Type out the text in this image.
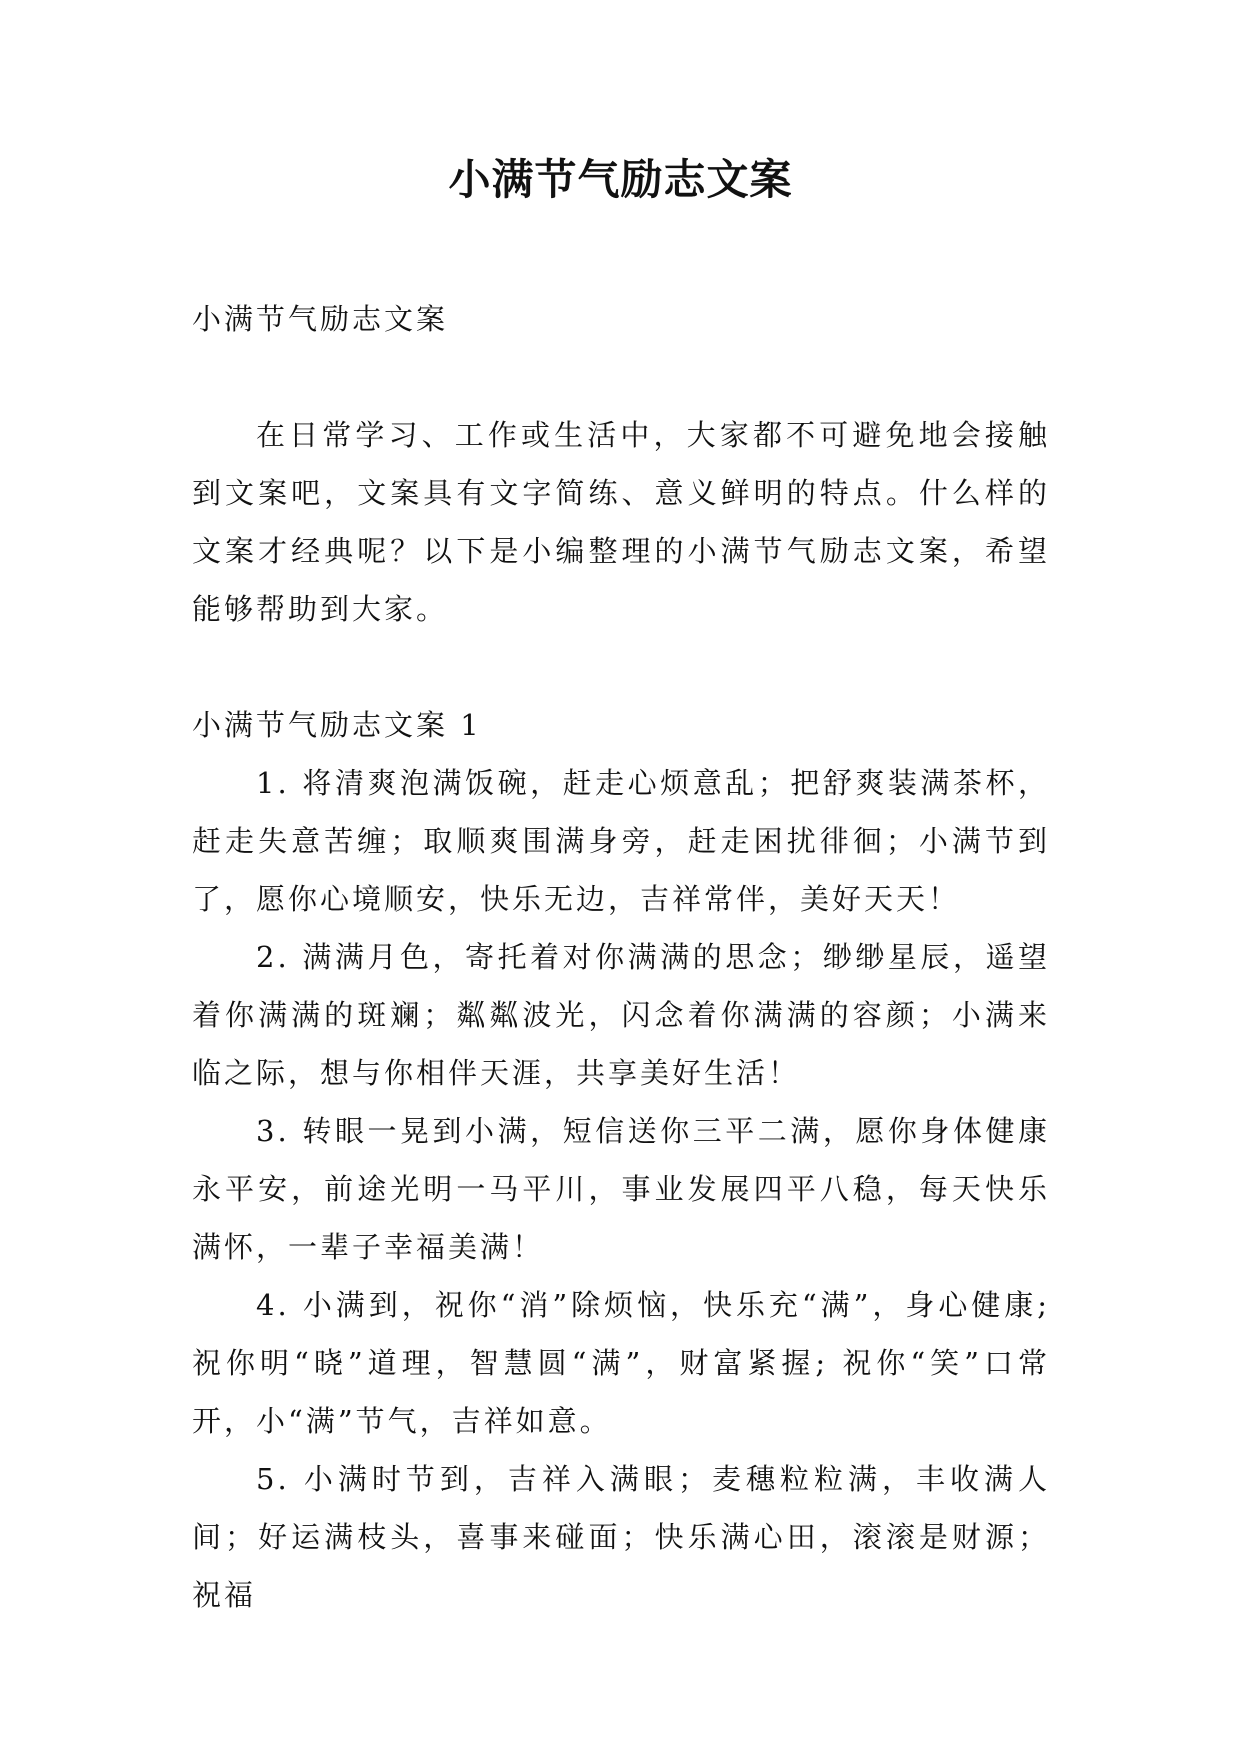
小满节气励志文案

小满节气励志文案

在日常学习、工作或生活中，大家都不可避免地会接触到文案吧，文案具有文字简练、意义鲜明的特点。什么样的文案才经典呢？以下是小编整理的小满节气励志文案，希望能够帮助到大家。

小满节气励志文案 1

1. 将清爽泡满饭碗，赶走心烦意乱；把舒爽装满茶杯，赶走失意苦缠；取顺爽围满身旁，赶走困扰徘徊；小满节到了，愿你心境顺安，快乐无边，吉祥常伴，美好天天！

2. 满满月色，寄托着对你满满的思念；缈缈星辰，遥望着你满满的斑斓；粼粼波光，闪念着你满满的容颜；小满来临之际，想与你相伴天涯，共享美好生活！

3. 转眼一晃到小满，短信送你三平二满，愿你身体健康永平安，前途光明一马平川，事业发展四平八稳，每天快乐满怀，一辈子幸福美满！

4. 小满到，祝你“消”除烦恼，快乐充“满”，身心健康; 祝你明“晓”道理，智慧圆“满”，财富紧握; 祝你“笑”口常开，小“满”节气，吉祥如意。

5. 小满时节到，吉祥入满眼；麦穗粒粒满，丰收满人间；好运满枝头，喜事来碰面；快乐满心田，滚滚是财源；祝福
